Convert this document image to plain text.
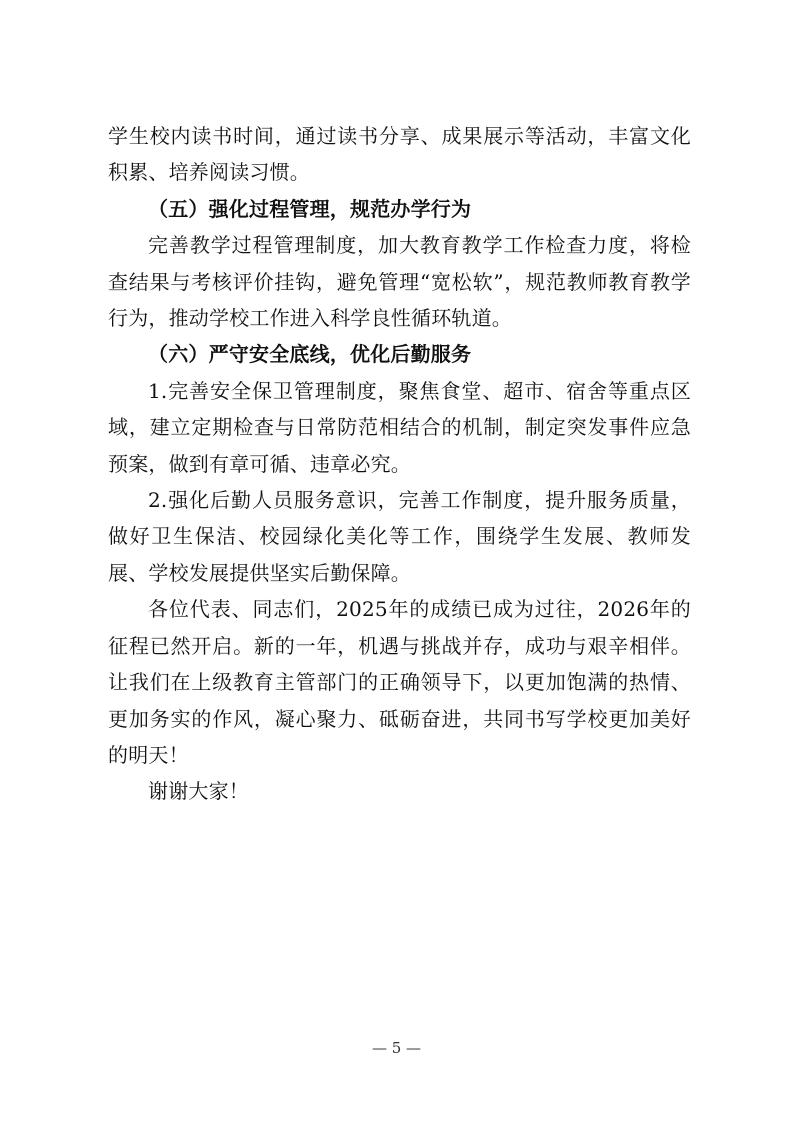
学生校内读书时间，通过读书分享、成果展示等活动，丰富文化积累、培养阅读习惯。

（五）强化过程管理，规范办学行为

完善教学过程管理制度，加大教育教学工作检查力度，将检查结果与考核评价挂钩，避免管理“宽松软”，规范教师教育教学行为，推动学校工作进入科学良性循环轨道。

（六）严守安全底线，优化后勤服务

1.完善安全保卫管理制度，聚焦食堂、超市、宿舍等重点区域，建立定期检查与日常防范相结合的机制，制定突发事件应急预案，做到有章可循、违章必究。

2.强化后勤人员服务意识，完善工作制度，提升服务质量，做好卫生保洁、校园绿化美化等工作，围绕学生发展、教师发展、学校发展提供坚实后勤保障。

各位代表、同志们，2025年的成绩已成为过往，2026年的征程已然开启。新的一年，机遇与挑战并存，成功与艰辛相伴。让我们在上级教育主管部门的正确领导下，以更加饱满的热情、更加务实的作风，凝心聚力、砥砺奋进，共同书写学校更加美好的明天！

谢谢大家！

— 5 —
